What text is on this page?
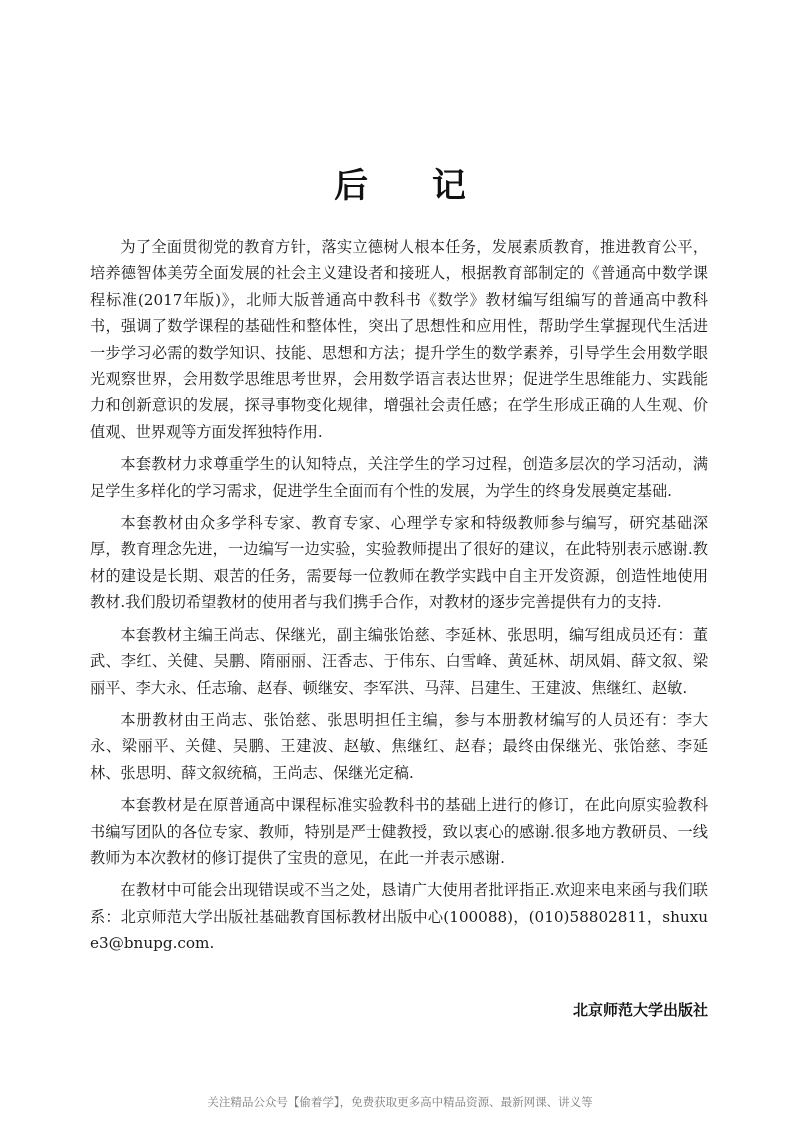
后 记

为了全面贯彻党的教育方针，落实立德树人根本任务，发展素质教育，推进教育公平，培养德智体美劳全面发展的社会主义建设者和接班人，根据教育部制定的《普通高中数学课程标准(2017年版)》，北师大版普通高中教科书《数学》教材编写组编写的普通高中教科书，强调了数学课程的基础性和整体性，突出了思想性和应用性，帮助学生掌握现代生活进一步学习必需的数学知识、技能、思想和方法；提升学生的数学素养，引导学生会用数学眼光观察世界，会用数学思维思考世界，会用数学语言表达世界；促进学生思维能力、实践能力和创新意识的发展，探寻事物变化规律，增强社会责任感；在学生形成正确的人生观、价值观、世界观等方面发挥独特作用.

本套教材力求尊重学生的认知特点，关注学生的学习过程，创造多层次的学习活动，满足学生多样化的学习需求，促进学生全面而有个性的发展，为学生的终身发展奠定基础.

本套教材由众多学科专家、教育专家、心理学专家和特级教师参与编写，研究基础深厚，教育理念先进，一边编写一边实验，实验教师提出了很好的建议，在此特别表示感谢.教材的建设是长期、艰苦的任务，需要每一位教师在教学实践中自主开发资源，创造性地使用教材.我们殷切希望教材的使用者与我们携手合作，对教材的逐步完善提供有力的支持.

本套教材主编王尚志、保继光，副主编张饴慈、李延林、张思明，编写组成员还有：董武、李红、关健、吴鹏、隋丽丽、汪香志、于伟东、白雪峰、黄延林、胡凤娟、薛文叙、梁丽平、李大永、任志瑜、赵春、顿继安、李军洪、马萍、吕建生、王建波、焦继红、赵敏.

本册教材由王尚志、张饴慈、张思明担任主编，参与本册教材编写的人员还有：李大永、梁丽平、关健、吴鹏、王建波、赵敏、焦继红、赵春；最终由保继光、张饴慈、李延林、张思明、薛文叙统稿，王尚志、保继光定稿.

本套教材是在原普通高中课程标准实验教科书的基础上进行的修订，在此向原实验教科书编写团队的各位专家、教师，特别是严士健教授，致以衷心的感谢.很多地方教研员、一线教师为本次教材的修订提供了宝贵的意见，在此一并表示感谢.

在教材中可能会出现错误或不当之处，恳请广大使用者批评指正.欢迎来电来函与我们联系：北京师范大学出版社基础教育国标教材出版中心(100088)，(010)58802811，shuxue3@bnupg.com.

北京师范大学出版社

关注精品公众号【偷着学】，免费获取更多高中精品资源、最新网课、讲义等
